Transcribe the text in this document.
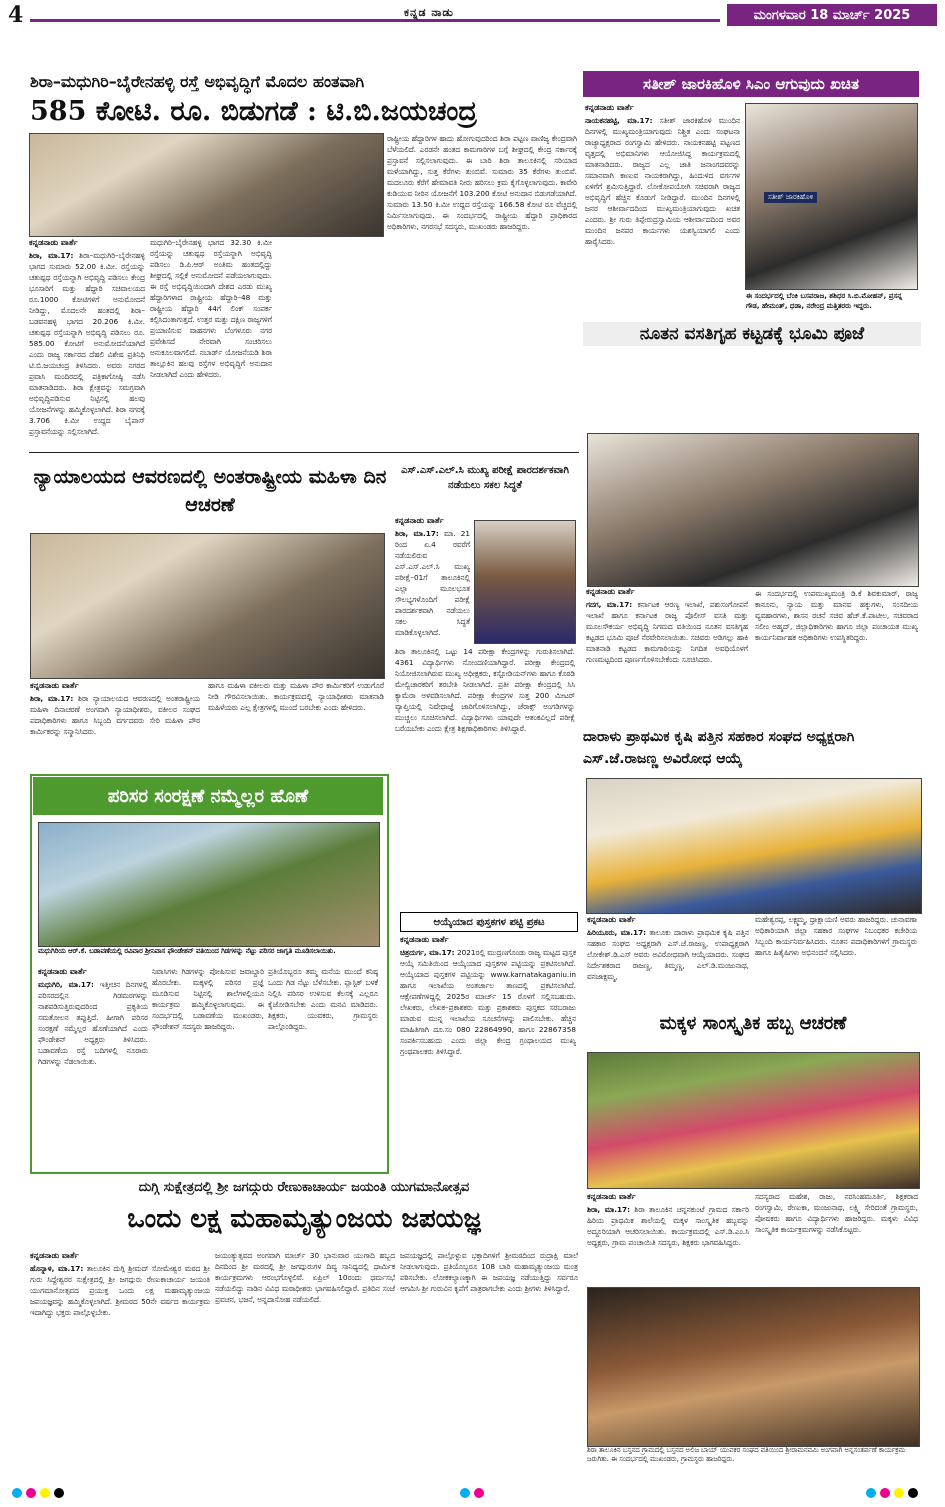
4	ಕನ್ನಡ ನಾಡು	ಮಂಗಳವಾರ 18 ಮಾರ್ಚ್ 2025
ಶಿರಾ–ಮಧುಗಿರಿ–ಬೈರೇನಹಳ್ಳಿ ರಸ್ತೆ ಅಭಿವೃದ್ಧಿಗೆ ಮೊದಲ ಹಂತವಾಗಿ
585 ಕೋಟಿ. ರೂ. ಬಿಡುಗಡೆ : ಟಿ.ಬಿ.ಜಯಚಂದ್ರ

ಕನ್ನಡನಾಡು ವಾರ್ತೆ

ಶಿರಾ, ಮಾ.17: ಶಿರಾ–ಮಧುಗಿರಿ–ಬೈರೇನಹಳ್ಳಿ ಭಾಗದ ಸುಮಾರು 52.00 ಕಿ.ಮೀ. ರಸ್ತೆಯನ್ನು ಚತುಷ್ಪಥ ರಸ್ತೆಯನ್ನಾಗಿ ಅಭಿವೃದ್ಧಿ ಪಡಿಸಲು ಕೇಂದ್ರ ಭೂಸಾರಿಗೆ ಮತ್ತು ಹೆದ್ದಾರಿ ಸಚಿವಾಲಯದ ರೂ.1000 ಕೋಟಿಗಳಿಗೆ ಅನುಮೋದನೆ ನೀಡಿದ್ದು, ಮೊದಲನೇ ಹಂತದಲ್ಲಿ ಶಿರಾ–ಬಡವನಹಳ್ಳಿ ಭಾಗದ 20.206 ಕಿ.ಮೀ. ಚತುಷ್ಪಥ ರಸ್ತೆಯನ್ನಾಗಿ ಅಭಿವೃದ್ಧಿ ಪಡಿಸಲು ರೂ. 585.00 ಕೋಟಿಗೆ ಅನುಮೋದನೆಯಾಗಿದೆ ಎಂದು ರಾಜ್ಯ ಸರ್ಕಾರದ ದೆಹಲಿ ವಿಶೇಷ ಪ್ರತಿನಿಧಿ ಟಿ.ಬಿ.ಜಯಚಂದ್ರ ತಿಳಿಸಿದರು. ಅವರು ನಗರದ ಪ್ರವಾಸಿ ಮಂದಿರದಲ್ಲಿ ಪತ್ರಿಕಾಗೋಷ್ಠಿ ನಡೆಸಿ ಮಾತನಾಡಿದರು. ಶಿರಾ ಕ್ಷೇತ್ರವನ್ನು ಸಮಗ್ರವಾಗಿ ಅಭಿವೃದ್ಧಿಪಡಿಸುವ ನಿಟ್ಟಿನಲ್ಲಿ ಹಲವು ಯೋಜನೆಗಳನ್ನು ಹಮ್ಮಿಕೊಳ್ಳಲಾಗಿದೆ. ಶಿರಾ ನಗರಕ್ಕೆ 3.706 ಕಿ.ಮೀ ಉದ್ದದ ಬೈಪಾಸ್ ಪ್ರಸ್ತಾವನೆಯನ್ನು ಸಲ್ಲಿಸಲಾಗಿದೆ.

ಮಧುಗಿರಿ–ಬೈರೇನಹಳ್ಳಿ ಭಾಗದ 32.30 ಕಿ.ಮೀ ರಸ್ತೆಯನ್ನು ಚತುಷ್ಪಥ ರಸ್ತೆಯನ್ನಾಗಿ ಅಭಿವೃದ್ಧಿ ಪಡಿಸಲು ಡಿ.ಪಿ.ಆರ್ ಅಂತಿಮ ಹಂತದಲ್ಲಿದ್ದು ಶೀಘ್ರದಲ್ಲಿ ಸಲ್ಲಿಕೆ ಅನುಮೋದನೆ ಪಡೆಯಲಾಗುವುದು. ಈ ರಸ್ತೆ ಅಭಿವೃದ್ಧಿಯಿಂದಾಗಿ ದೇಶದ ಎರಡು ಮುಖ್ಯ ಹೆದ್ದಾರಿಗಳಾದ ರಾಷ್ಟ್ರೀಯ ಹೆದ್ದಾರಿ–48 ಮತ್ತು ರಾಷ್ಟ್ರೀಯ ಹೆದ್ದಾರಿ 44ಗೆ ಲಿಂಕ್ ಸಂಪರ್ಕ ಕಲ್ಪಿಸಿದಂತಾಗುತ್ತದೆ. ಉತ್ತರ ಮತ್ತು ದಕ್ಷಿಣ ರಾಜ್ಯಗಳಿಗೆ ಪ್ರಯಾಣಿಸುವ ವಾಹನಗಳು ಬೆಂಗಳೂರು ನಗರ ಪ್ರವೇಶಿಸದೆ ನೇರವಾಗಿ ಸಂಚರಿಸಲು ಅನುಕೂಲವಾಗಲಿದೆ. ನಬಾರ್ಡ್ ಯೋಜನೆಯಡಿ ಶಿರಾ ತಾಲ್ಲೂಕಿನ ಹಲವು ರಸ್ತೆಗಳ ಅಭಿವೃದ್ಧಿಗೆ ಅನುದಾನ ನೀಡಲಾಗಿದೆ ಎಂದು ಹೇಳಿದರು.

ರಾಷ್ಟ್ರೀಯ ಹೆದ್ದಾರಿಗಳ ಹಾದು ಹೋಗುವುದರಿಂದ ಶಿರಾ ಪಟ್ಟಣ ವಾಣಿಜ್ಯ ಕೇಂದ್ರವಾಗಿ ಬೆಳೆಯಲಿದೆ. ಎರಡನೇ ಹಂತದ ಕಾಮಗಾರಿಗಳ ಬಗ್ಗೆ ಶೀಘ್ರದಲ್ಲಿ ಕೇಂದ್ರ ಸರ್ಕಾರಕ್ಕೆ ಪ್ರಸ್ತಾವನೆ ಸಲ್ಲಿಸಲಾಗುವುದು. ಈ ಬಾರಿ ಶಿರಾ ತಾಲೂಕಿನಲ್ಲಿ ಸರಿಯಾದ ಮಳೆಯಾಗಿದ್ದು, ಸುತ್ತ ಕೆರೆಗಳು ತುಂಬಿವೆ. ಸುಮಾರು 35 ಕೆರೆಗಳು ತುಂಬಿವೆ. ಮದಲೂರು ಕೆರೆಗೆ ಹೇಮಾವತಿ ನೀರು ಹರಿಸಲು ಕ್ರಮ ಕೈಗೊಳ್ಳಲಾಗುವುದು. ಕಾವೇರಿ ಕುಡಿಯುವ ನೀರಿನ ಯೋಜನೆಗೆ 103.200 ಕೋಟಿ ಅನುದಾನ ಬಿಡುಗಡೆಯಾಗಿದೆ. ಸುಮಾರು 13.50 ಕಿ.ಮೀ ಉದ್ದದ ರಸ್ತೆಯನ್ನು 166.58 ಕೋಟಿ ರೂ ವೆಚ್ಚದಲ್ಲಿ ನಿರ್ಮಿಸಲಾಗುವುದು. ಈ ಸಂದರ್ಭದಲ್ಲಿ ರಾಷ್ಟ್ರೀಯ ಹೆದ್ದಾರಿ ಪ್ರಾಧಿಕಾರದ ಅಧಿಕಾರಿಗಳು, ನಗರಸಭೆ ಸದಸ್ಯರು, ಮುಖಂಡರು ಹಾಜರಿದ್ದರು.

ಸತೀಶ್ ಜಾರಕಿಹೊಳಿ ಸಿಎಂ ಆಗುವುದು ಖಚಿತ

ಕನ್ನಡನಾಡು ವಾರ್ತೆ

ನಾಯಕನಹಟ್ಟಿ, ಮಾ.17: ಸತೀಶ್ ಜಾರಕಿಹೊಳಿ ಮುಂದಿನ ದಿನಗಳಲ್ಲಿ ಮುಖ್ಯಮಂತ್ರಿಯಾಗುವುದು ನಿಶ್ಚಿತ ಎಂದು ಸಂಘಟನಾ ರಾಜ್ಯಾಧ್ಯಕ್ಷರಾದ ರಂಗಸ್ವಾಮಿ ಹೇಳಿದರು. ನಾಯಕನಹಟ್ಟಿ ಪಟ್ಟಣದ ವೃತ್ತದಲ್ಲಿ ಅಭಿಮಾನಿಗಳು ಆಯೋಜಿಸಿದ್ದ ಕಾರ್ಯಕ್ರಮದಲ್ಲಿ ಮಾತನಾಡಿದರು. ರಾಜ್ಯದ ಎಲ್ಲ ಜಾತಿ ಜನಾಂಗದವರನ್ನು ಸಮಾನವಾಗಿ ಕಾಣುವ ನಾಯಕರಾಗಿದ್ದು, ಹಿಂದುಳಿದ ವರ್ಗಗಳ ಏಳಿಗೆಗೆ ಶ್ರಮಿಸುತ್ತಿದ್ದಾರೆ. ಲೋಕೋಪಯೋಗಿ ಸಚಿವರಾಗಿ ರಾಜ್ಯದ ಅಭಿವೃದ್ಧಿಗೆ ಹೆಚ್ಚಿನ ಕೊಡುಗೆ ನೀಡಿದ್ದಾರೆ. ಮುಂದಿನ ದಿನಗಳಲ್ಲಿ ಜನರ ಆಶೀರ್ವಾದದಿಂದ ಮುಖ್ಯಮಂತ್ರಿಯಾಗುವುದು ಖಚಿತ ಎಂದರು. ಶ್ರೀ ಗುರು ತಿಪ್ಪೇರುದ್ರಸ್ವಾಮಿಯ ಆಶೀರ್ವಾದದಿಂದ ಅವರ ಮುಂದಿನ ಜನಪರ ಕಾರ್ಯಗಳು ಯಶಸ್ವಿಯಾಗಲಿ ಎಂದು ಹಾರೈಸಿದರು.

ಸತೀಶ್ ಜಾರಕಿಹೊಳಿ
ಈ ಸಂದರ್ಭದಲ್ಲಿ ಬೆಂಕಿ ಬಸವರಾಜ, ಶಶಿಧರ ಸಿ.ಬಿ.ಮೋಹನ್, ಪ್ರಸನ್ನ ಗೌಡ, ಹೇಮಂತ್, ಧಡಾ, ನರೇಂದ್ರ ಮತ್ತಿತರರು ಇದ್ದರು.
ನೂತನ ವಸತಿಗೃಹ ಕಟ್ಟಡಕ್ಕೆ ಭೂಮಿ ಪೂಜೆ

ಕನ್ನಡನಾಡು ವಾರ್ತೆ

ಗದಗ, ಮಾ.17: ಕರ್ನಾಟಕ ಆರಣ್ಯ ಇಲಾಖೆ, ಪಶುಸಂಗೋಪನೆ ಇಲಾಖೆ ಹಾಗೂ ಕರ್ನಾಟಕ ರಾಜ್ಯ ಪೊಲೀಸ್ ವಸತಿ ಮತ್ತು ಮೂಲಸೌಕರ್ಯ ಅಭಿವೃದ್ಧಿ ನಿಗಮದ ವತಿಯಿಂದ ನೂತನ ವಸತಿಗೃಹ ಕಟ್ಟಡದ ಭೂಮಿ ಪೂಜೆ ನೆರವೇರಿಸಲಾಯಿತು. ಸಚಿವರು ಅಡಿಗಲ್ಲು ಹಾಕಿ ಮಾತನಾಡಿ ಕಟ್ಟಡದ ಕಾಮಗಾರಿಯನ್ನು ನಿಗದಿತ ಅವಧಿಯೊಳಗೆ ಗುಣಮಟ್ಟದಿಂದ ಪೂರ್ಣಗೊಳಿಸಬೇಕೆಂದು ಸೂಚಿಸಿದರು.

ಈ ಸಂದರ್ಭದಲ್ಲಿ ಉಪಮುಖ್ಯಮಂತ್ರಿ ಡಿ.ಕೆ ಶಿವಕುಮಾರ್, ರಾಜ್ಯ ಕಾನೂನು, ನ್ಯಾಯ ಮತ್ತು ಮಾನವ ಹಕ್ಕುಗಳು, ಸಂಸದೀಯ ವ್ಯವಹಾರಗಳು, ಶಾಸನ ರಚನೆ ಸಚಿವ ಹೆಚ್.ಕೆ.ಪಾಟೀಲ, ಸಚಿವರಾದ ಸಲೀಂ ಅಹ್ಮದ್, ಜಿಲ್ಲಾಧಿಕಾರಿಗಳು ಹಾಗೂ ಜಿಲ್ಲಾ ಪಂಚಾಯತ ಮುಖ್ಯ ಕಾರ್ಯನಿರ್ವಾಹಕ ಅಧಿಕಾರಿಗಳು ಉಪಸ್ಥಿತರಿದ್ದರು.

ದಾರಾಳು ಪ್ರಾಥಮಿಕ ಕೃಷಿ ಪತ್ತಿನ ಸಹಕಾರ ಸಂಘದ ಅಧ್ಯಕ್ಷರಾಗಿ ಎಸ್.ಜೆ.ರಾಜಣ್ಣ ಅವಿರೋಧ ಆಯ್ಕೆ

ಕನ್ನಡನಾಡು ವಾರ್ತೆ

ಹಿರಿಯೂರು, ಮಾ.17: ತಾಲೂಕು ದಾರಾಳು ಪ್ರಾಥಮಿಕ ಕೃಷಿ ಪತ್ತಿನ ಸಹಕಾರ ಸಂಘದ ಅಧ್ಯಕ್ಷರಾಗಿ ಎಸ್.ಜೆ.ರಾಜಣ್ಣ, ಉಪಾಧ್ಯಕ್ಷರಾಗಿ ಲೋಕೇಶ್.ಡಿ.ಎಸ್ ಅವರು ಅವಿರೋಧವಾಗಿ ಆಯ್ಕೆಯಾದರು. ಸಂಘದ ನಿರ್ದೇಶಕರಾದ ರಾಜಣ್ಣ, ತಿಮ್ಮಣ್ಣ, ಎಲ್.ಡಿ.ಮಂಜುನಾಥ, ವನಜಾಕ್ಷಮ್ಮ,

ಮಹೇಶ್ವರಪ್ಪ, ಲಕ್ಷ್ಮಮ್ಮ, ಧ್ರಾಕ್ಷಾಯಣಿ ಅವರು ಹಾಜರಿದ್ದರು. ಚುನಾವಣಾ ಅಧಿಕಾರಿಯಾಗಿ ಜಿಲ್ಲಾ ಸಹಕಾರ ಸಂಘಗಳ ನಿಬಂಧಕರ ಕಚೇರಿಯ ಸಿಬ್ಬಂದಿ ಕಾರ್ಯನಿರ್ವಹಿಸಿದರು. ನೂತನ ಪದಾಧಿಕಾರಿಗಳಿಗೆ ಗ್ರಾಮಸ್ಥರು ಹಾಗೂ ಹಿತೈಷಿಗಳು ಅಭಿನಂದನೆ ಸಲ್ಲಿಸಿದರು.

ಮಕ್ಕಳ ಸಾಂಸ್ಕೃತಿಕ ಹಬ್ಬ ಆಚರಣೆ

ಕನ್ನಡನಾಡು ವಾರ್ತೆ

ಶಿರಾ, ಮಾ.17: ಶಿರಾ ತಾಲೂಕಿನ ಚನ್ನನಕುಂಟೆ ಗ್ರಾಮದ ಸರ್ಕಾರಿ ಹಿರಿಯ ಪ್ರಾಥಮಿಕ ಶಾಲೆಯಲ್ಲಿ ಮಕ್ಕಳ ಸಾಂಸ್ಕೃತಿಕ ಹಬ್ಬವನ್ನು ಅದ್ದೂರಿಯಾಗಿ ಆಚರಿಸಲಾಯಿತು. ಕಾರ್ಯಕ್ರಮದಲ್ಲಿ ಎಸ್.ಡಿ.ಎಂ.ಸಿ ಅಧ್ಯಕ್ಷರು, ಗ್ರಾಮ ಪಂಚಾಯಿತಿ ಸದಸ್ಯರು, ಶಿಕ್ಷಕರು ಭಾಗವಹಿಸಿದ್ದರು.

ಸದಸ್ಯರಾದ ಮಹೇಶ, ರಾಜು, ನರಸಿಂಹಮೂರ್ತಿ, ಶಿಕ್ಷಕರಾದ ರಂಗಸ್ವಾಮಿ, ರೇಣುಕಾ, ಮಂಜುನಾಥ, ಲಕ್ಷ್ಮಿ ಸೇರಿದಂತೆ ಗ್ರಾಮಸ್ಥರು, ಪೋಷಕರು ಹಾಗೂ ವಿದ್ಯಾರ್ಥಿಗಳು ಹಾಜರಿದ್ದರು. ಮಕ್ಕಳು ವಿವಿಧ ಸಾಂಸ್ಕೃತಿಕ ಕಾರ್ಯಕ್ರಮಗಳನ್ನು ನಡೆಸಿಕೊಟ್ಟರು.

ಶಿರಾ ತಾಲೂಕಿನ ಬಸ್ತನದ ಗ್ರಾಮದಲ್ಲಿ ಬಸ್ತನದ ಅಲಿಜ ಬಾಯ್ ಯುವಕರ ಸಂಘದ ವತಿಯಿಂದ ಶ್ರೀರಾಮನವಮಿ ಅಂಗವಾಗಿ ಅನ್ನಸಂತರ್ಪಣೆ ಕಾರ್ಯಕ್ರಮ ಜರುಗಿತು. ಈ ಸಂದರ್ಭದಲ್ಲಿ ಮುಖಂಡರು, ಗ್ರಾಮಸ್ಥರು ಹಾಜರಿದ್ದರು.
ನ್ಯಾಯಾಲಯದ ಆವರಣದಲ್ಲಿ ಅಂತರಾಷ್ಟ್ರೀಯ ಮಹಿಳಾ ದಿನ ಆಚರಣೆ

ಕನ್ನಡನಾಡು ವಾರ್ತೆ

ಶಿರಾ, ಮಾ.17: ಶಿರಾ ನ್ಯಾಯಾಲಯದ ಆವರಣದಲ್ಲಿ ಅಂತರಾಷ್ಟ್ರೀಯ ಮಹಿಳಾ ದಿನಾಚರಣೆ ಅಂಗವಾಗಿ ನ್ಯಾಯಾಧೀಶರು, ವಕೀಲರ ಸಂಘದ ಪದಾಧಿಕಾರಿಗಳು ಹಾಗೂ ಸಿಬ್ಬಂದಿ ವರ್ಗದವರು ಸೇರಿ ಮಹಿಳಾ ಪೌರ ಕಾರ್ಮಿಕರನ್ನು ಸನ್ಮಾನಿಸಿದರು.

ಹಾಗೂ ಮಹಿಳಾ ವಕೀಲರು ಮತ್ತು ಮಹಿಳಾ ಪೌರ ಕಾರ್ಮಿಕರಿಗೆ ಉಡುಗೊರೆ ನೀಡಿ ಗೌರವಿಸಲಾಯಿತು. ಕಾರ್ಯಕ್ರಮದಲ್ಲಿ ನ್ಯಾಯಾಧೀಶರು ಮಾತನಾಡಿ ಮಹಿಳೆಯರು ಎಲ್ಲ ಕ್ಷೇತ್ರಗಳಲ್ಲಿ ಮುಂದೆ ಬರಬೇಕು ಎಂದು ಹೇಳಿದರು.

ಎಸ್.ಎಸ್.ಎಲ್.ಸಿ ಮುಖ್ಯ ಪರೀಕ್ಷೆ ಪಾರದರ್ಶಕವಾಗಿ ನಡೆಯಲು ಸಕಲ ಸಿದ್ಧತೆ

ಕನ್ನಡನಾಡು ವಾರ್ತೆ

ಶಿರಾ, ಮಾ.17: ಮಾ. 21 ರಿಂದ ಏ.4 ರವರೆಗೆ ನಡೆಯಲಿರುವ ಎಸ್.ಎಸ್.ಎಲ್.ಸಿ ಮುಖ್ಯ ಪರೀಕ್ಷೆ–01ಗೆ ತಾಲೂಕಿನಲ್ಲಿ ಎಲ್ಲಾ ಮೂಲಭೂತ ಸೌಲಭ್ಯಗಳೊಂದಿಗೆ ಪರೀಕ್ಷೆ ಪಾರದರ್ಶಕವಾಗಿ ನಡೆಯಲು ಸಕಲ ಸಿದ್ಧತೆ ಮಾಡಿಕೊಳ್ಳಲಾಗಿದೆ.

ಶಿರಾ ತಾಲೂಕಿನಲ್ಲಿ ಒಟ್ಟು 14 ಪರೀಕ್ಷಾ ಕೇಂದ್ರಗಳನ್ನು ಗುರುತಿಸಲಾಗಿದೆ. 4361 ವಿದ್ಯಾರ್ಥಿಗಳು ನೋಂದಣಿಯಾಗಿದ್ದಾರೆ. ಪರೀಕ್ಷಾ ಕೇಂದ್ರದಲ್ಲಿ ನಿಯೋಜಿಸಲಾಗಿರುವ ಮುಖ್ಯ ಅಧೀಕ್ಷಕರು, ಕಸ್ಟೋಡಿಯನ್‌ಗಳು ಹಾಗೂ ಕೊಠಡಿ ಮೇಲ್ವಿಚಾರಕರಿಗೆ ತರಬೇತಿ ನೀಡಲಾಗಿದೆ. ಪ್ರತೀ ಪರೀಕ್ಷಾ ಕೇಂದ್ರದಲ್ಲಿ ಸಿಸಿ ಕ್ಯಾಮೆರಾ ಅಳವಡಿಸಲಾಗಿದೆ. ಪರೀಕ್ಷಾ ಕೇಂದ್ರಗಳ ಸುತ್ತ 200 ಮೀಟರ್ ವ್ಯಾಪ್ತಿಯಲ್ಲಿ ನಿಷೇಧಾಜ್ಞೆ ಜಾರಿಗೊಳಿಸಲಾಗಿದ್ದು, ಜೆರಾಕ್ಸ್ ಅಂಗಡಿಗಳನ್ನು ಮುಚ್ಚಲು ಸೂಚಿಸಲಾಗಿದೆ. ವಿದ್ಯಾರ್ಥಿಗಳು ಯಾವುದೇ ಆತಂಕವಿಲ್ಲದೆ ಪರೀಕ್ಷೆ ಬರೆಯಬೇಕು ಎಂದು ಕ್ಷೇತ್ರ ಶಿಕ್ಷಣಾಧಿಕಾರಿಗಳು ತಿಳಿಸಿದ್ದಾರೆ.

ಪರಿಸರ ಸಂರಕ್ಷಣೆ ನಮ್ಮೆಲ್ಲರ ಹೊಣೆ
ಮಧುಗಿರಿಯ ಆರ್.ಕೆ. ಬಡಾವಣೆಯಲ್ಲಿ ರವಿವಾರ ಶ್ರೀನಿವಾಸ ಫೌಂಡೇಶನ್ ವತಿಯಿಂದ ಗಿಡಗಳನ್ನು ನೆಟ್ಟು ಪರಿಸರ ಜಾಗೃತಿ ಮೂಡಿಸಲಾಯಿತು.

ಕನ್ನಡನಾಡು ವಾರ್ತೆ

ಮಧುಗಿರಿ, ಮಾ.17: ಇತ್ತೀಚಿನ ದಿನಗಳಲ್ಲಿ ಪರಿಸರದಲ್ಲಿನ ಗಿಡಮರಗಳನ್ನು ನಾಶಪಡಿಸುತ್ತಿರುವುದರಿಂದ ಪ್ರಕೃತಿಯ ಸಮತೋಲನ ತಪ್ಪುತ್ತಿದೆ. ಹೀಗಾಗಿ ಪರಿಸರ ಸಂರಕ್ಷಣೆ ನಮ್ಮೆಲ್ಲರ ಹೊಣೆಯಾಗಿದೆ ಎಂದು ಫೌಂಡೇಶನ್ ಅಧ್ಯಕ್ಷರು ತಿಳಿಸಿದರು. ಬಡಾವಣೆಯ ರಸ್ತೆ ಬದಿಗಳಲ್ಲಿ ನೂರಾರು ಗಿಡಗಳನ್ನು ನೆಡಲಾಯಿತು.

ನಿವಾಸಿಗಳು ಗಿಡಗಳನ್ನು ಪೋಷಿಸುವ ಜವಾಬ್ದಾರಿ ಹೊರಬೇಕು. ಮಕ್ಕಳಲ್ಲಿ ಪರಿಸರ ಪ್ರಜ್ಞೆ ಮೂಡಿಸುವ ನಿಟ್ಟಿನಲ್ಲಿ ಶಾಲೆಗಳಲ್ಲಿಯೂ ಕಾರ್ಯಕ್ರಮ ಹಮ್ಮಿಕೊಳ್ಳಲಾಗುವುದು. ಈ ಸಂದರ್ಭದಲ್ಲಿ ಬಡಾವಣೆಯ ಮುಖಂಡರು, ಫೌಂಡೇಶನ್ ಸದಸ್ಯರು ಹಾಜರಿದ್ದರು.

ಪ್ರತಿಯೊಬ್ಬರೂ ತಮ್ಮ ಮನೆಯ ಮುಂದೆ ಕನಿಷ್ಠ ಒಂದು ಗಿಡ ನೆಟ್ಟು ಬೆಳೆಸಬೇಕು. ಪ್ಲಾಸ್ಟಿಕ್ ಬಳಕೆ ನಿಲ್ಲಿಸಿ ಪರಿಸರ ಉಳಿಸುವ ಕೆಲಸಕ್ಕೆ ಎಲ್ಲರೂ ಕೈಜೋಡಿಸಬೇಕು ಎಂದು ಮನವಿ ಮಾಡಿದರು. ಶಿಕ್ಷಕರು, ಯುವಕರು, ಗ್ರಾಮಸ್ಥರು ಪಾಲ್ಗೊಂಡಿದ್ದರು.

ಆಯ್ಕೆಯಾದ ಪುಸ್ತಕಗಳ ಪಟ್ಟಿ ಪ್ರಕಟ

ಕನ್ನಡನಾಡು ವಾರ್ತೆ

ಚಿತ್ರದುರ್ಗ, ಮಾ.17: 2021ರಲ್ಲಿ ಮುದ್ರಣಗೊಂಡು ರಾಜ್ಯ ಮಟ್ಟದ ಪುಸ್ತಕ ಆಯ್ಕೆ ಸಮಿತಿಯಿಂದ ಆಯ್ಕೆಯಾದ ಪುಸ್ತಕಗಳ ಪಟ್ಟಿಯನ್ನು ಪ್ರಕಟಿಸಲಾಗಿದೆ. ಆಯ್ಕೆಯಾದ ಪುಸ್ತಕಗಳ ಪಟ್ಟಿಯನ್ನು www.karnatakaganiu.in ಹಾಗೂ ಇಲಾಖೆಯ ಅಂತರ್ಜಾಲ ತಾಣದಲ್ಲಿ ಪ್ರಕಟಿಸಲಾಗಿದೆ. ಆಕ್ಷೇಪಣೆಗಳಿದ್ದಲ್ಲಿ 2025ರ ಮಾರ್ಚ್ 15 ರೊಳಗೆ ಸಲ್ಲಿಸಬಹುದು. ಲೇಖಕರು, ಲೇಖಕ–ಪ್ರಕಾಶಕರು ಮತ್ತು ಪ್ರಕಾಶಕರು ಪುಸ್ತಕದ ಸರಬರಾಜು ಮಾಡುವ ಮುನ್ನ ಇಲಾಖೆಯ ಸೂಚನೆಗಳನ್ನು ಪಾಲಿಸಬೇಕು. ಹೆಚ್ಚಿನ ಮಾಹಿತಿಗಾಗಿ ದೂ.ಸಂ 080 22864990, ಹಾಗೂ 22867358 ಸಂಪರ್ಕಿಸಬಹುದು ಎಂದು ಜಿಲ್ಲಾ ಕೇಂದ್ರ ಗ್ರಂಥಾಲಯದ ಮುಖ್ಯ ಗ್ರಂಥಪಾಲಕರು ತಿಳಿಸಿದ್ದಾರೆ.

ದುಗ್ಗಿ ಸುಕ್ಷೇತ್ರದಲ್ಲಿ ಶ್ರೀ ಜಗದ್ಗುರು ರೇಣುಕಾಚಾರ್ಯ ಜಯಂತಿ ಯುಗಮಾನೋತ್ಸವ
ಒಂದು ಲಕ್ಷ ಮಹಾಮೃತ್ಯುಂಜಯ ಜಪಯಜ್ಞ

ಕನ್ನಡನಾಡು ವಾರ್ತೆ

ಹೊನ್ನಾಳಿ, ಮಾ.17: ತಾಲೂಕಿನ ದುಗ್ಗಿ ಶ್ರೀಮದ್ ಸೋಮೇಶ್ವರ ಮಠದ ಶ್ರೀ ಗುರು ಸಿದ್ದೇಶ್ವರರ ಸುಕ್ಷೇತ್ರದಲ್ಲಿ ಶ್ರೀ ಜಗದ್ಗುರು ರೇಣುಕಾಚಾರ್ಯ ಜಯಂತಿ ಯುಗಮಾನೋತ್ಸವದ ಪ್ರಯುಕ್ತ ಒಂದು ಲಕ್ಷ ಮಹಾಮೃತ್ಯುಂಜಯ ಜಪಯಜ್ಞವನ್ನು ಹಮ್ಮಿಕೊಳ್ಳಲಾಗಿದೆ. ಶ್ರೀಮಠದ 50ನೇ ವರ್ಷದ ಕಾರ್ಯಕ್ರಮ ಇದಾಗಿದ್ದು ಭಕ್ತರು ಪಾಲ್ಗೊಳ್ಳಬೇಕು.

ಜಯಂತ್ಯುತ್ಸವದ ಅಂಗವಾಗಿ ಮಾರ್ಚ್ 30 ಭಾನುವಾರ ಯುಗಾದಿ ಹಬ್ಬದ ದಿನದಿಂದ ಶ್ರೀ ಮಠದಲ್ಲಿ ಶ್ರೀ ಜಗದ್ಗುರುಗಳ ದಿವ್ಯ ಸಾನಿಧ್ಯದಲ್ಲಿ ಧಾರ್ಮಿಕ ಕಾರ್ಯಕ್ರಮಗಳು ಆರಂಭಗೊಳ್ಳಲಿವೆ. ಏಪ್ರಿಲ್ 10ರಂದು ಧರ್ಮಸಭೆ ನಡೆಯಲಿದ್ದು ನಾಡಿನ ವಿವಿಧ ಮಠಾಧೀಶರು ಭಾಗವಹಿಸಲಿದ್ದಾರೆ. ಪ್ರತಿದಿನ ಸಂಜೆ ಪ್ರವಚನ, ಭಜನೆ, ಅನ್ನದಾಸೋಹ ನಡೆಯಲಿದೆ.

ಜಪಯಜ್ಞದಲ್ಲಿ ಪಾಲ್ಗೊಳ್ಳುವ ಭಕ್ತಾದಿಗಳಿಗೆ ಶ್ರೀಮಠದಿಂದ ರುದ್ರಾಕ್ಷಿ ಮಾಲೆ ನೀಡಲಾಗುವುದು. ಪ್ರತಿಯೊಬ್ಬರೂ 108 ಬಾರಿ ಮಹಾಮೃತ್ಯುಂಜಯ ಮಂತ್ರ ಪಠಿಸಬೇಕು. ಲೋಕಕಲ್ಯಾಣಕ್ಕಾಗಿ ಈ ಜಪಯಜ್ಞ ನಡೆಯುತ್ತಿದ್ದು ಸರ್ವರೂ ಆಗಮಿಸಿ ಶ್ರೀ ಗುರುವಿನ ಕೃಪೆಗೆ ಪಾತ್ರರಾಗಬೇಕು ಎಂದು ಶ್ರೀಗಳು ತಿಳಿಸಿದ್ದಾರೆ.
